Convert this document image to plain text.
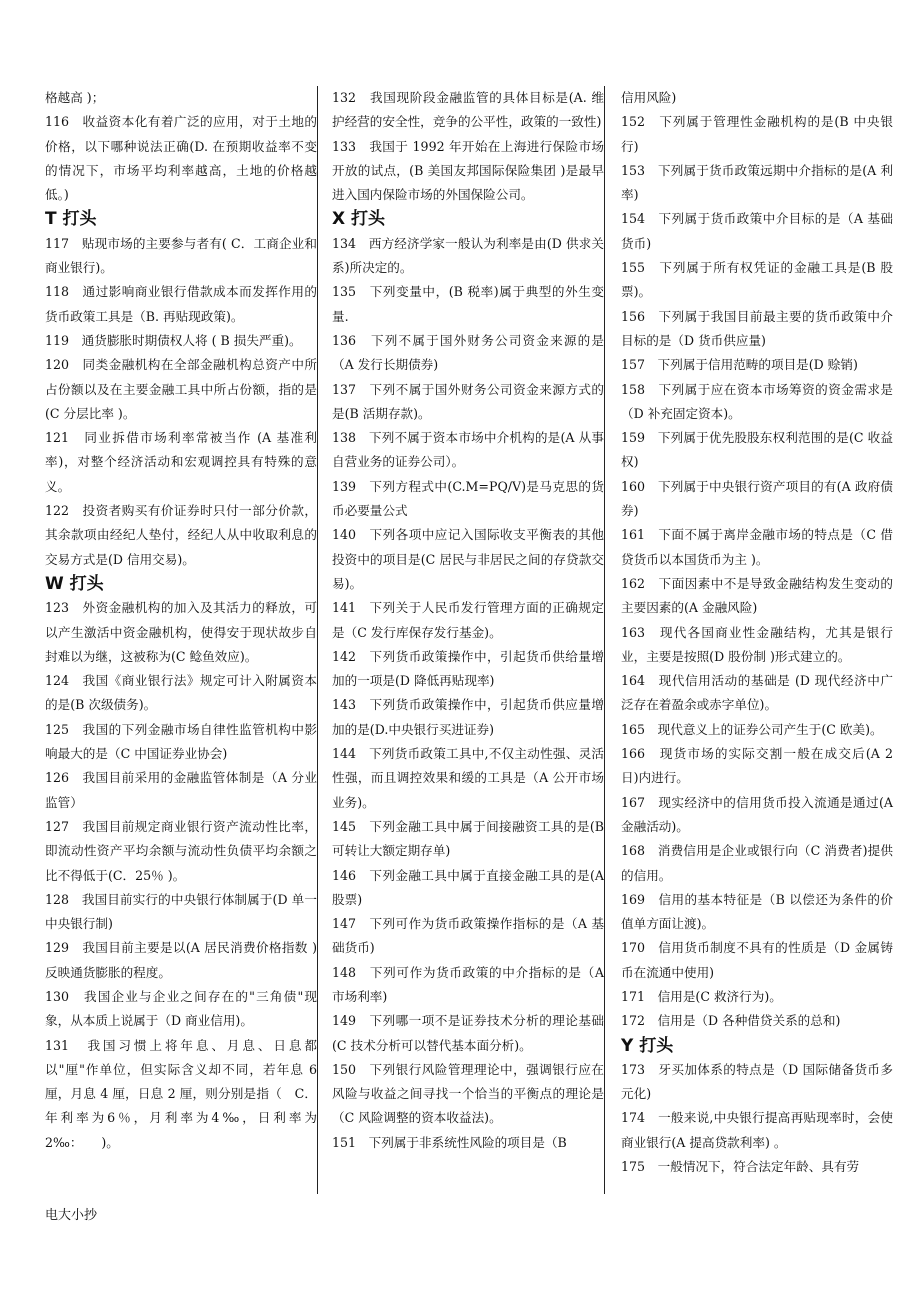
格越高 )；

116　收益资本化有着广泛的应用，对于土地的价格，以下哪种说法正确(D. 在预期收益率不变的情况下，市场平均利率越高，土地的价格越低。)

T 打头

117　贴现市场的主要参与者有( C．工商企业和商业银行)。

118　通过影响商业银行借款成本而发挥作用的货币政策工具是（B. 再贴现政策)。

119　通货膨胀时期债权人将 ( B 损失严重)。

120　同类金融机构在全部金融机构总资产中所占份额以及在主要金融工具中所占份额，指的是(C 分层比率 )。

121　同业拆借市场利率常被当作 (A 基准利率)，对整个经济活动和宏观调控具有特殊的意义。

122　投资者购买有价证券时只付一部分价款，其余款项由经纪人垫付，经纪人从中收取利息的交易方式是(D 信用交易)。

W 打头

123　外资金融机构的加入及其活力的释放，可以产生激活中资金融机构，使得安于现状故步自封难以为继，这被称为(C 鲶鱼效应)。

124　我国《商业银行法》规定可计入附属资本的是(B 次级债务)。

125　我国的下列金融市场自律性监管机构中影响最大的是（C 中国证券业协会)

126　我国目前采用的金融监管体制是（A 分业监管）

127　我国目前规定商业银行资产流动性比率，即流动性资产平均余额与流动性负债平均余额之比不得低于(C．25％ )。

128　我国目前实行的中央银行体制属于(D 单一中央银行制)

129　我国目前主要是以(A 居民消费价格指数 )反映通货膨胀的程度。

130　我国企业与企业之间存在的"三角债"现象，从本质上说属于（D 商业信用)。

131　我国习惯上将年息、月息、日息都以"厘"作单位，但实际含义却不同，若年息 6 厘，月息 4 厘，日息 2 厘，则分别是指（　C．年利率为6％，月利率为4‰，日利率为2‰：　　)。

132　我国现阶段金融监管的具体目标是(A. 维护经营的安全性，竞争的公平性，政策的一致性)

133　我国于 1992 年开始在上海进行保险市场开放的试点，(B 美国友邦国际保险集团 )是最早进入国内保险市场的外国保险公司。

X 打头

134　西方经济学家一般认为利率是由(D 供求关系)所决定的。

135　下列变量中，(B 税率)属于典型的外生变量.

136　下列不属于国外财务公司资金来源的是（A 发行长期债券)

137　下列不属于国外财务公司资金来源方式的是(B 活期存款)。

138　下列不属于资本市场中介机构的是(A 从事自营业务的证券公司）。

139　下列方程式中(C.M=PQ/V)是马克思的货币必要量公式

140　下列各项中应记入国际收支平衡表的其他投资中的项目是(C 居民与非居民之间的存贷款交易)。

141　下列关于人民币发行管理方面的正确规定是（C 发行库保存发行基金)。

142　下列货币政策操作中，引起货币供给量增加的一项是(D 降低再贴现率)

143　下列货币政策操作中，引起货币供应量增加的是(D.中央银行买进证券)

144　下列货币政策工具中,不仅主动性强、灵活性强，而且调控效果和缓的工具是（A 公开市场业务)。

145　下列金融工具中属于间接融资工具的是(B 可转让大额定期存单)

146　下列金融工具中属于直接金融工具的是(A 股票)

147　下列可作为货币政策操作指标的是（A 基础货币)

148　下列可作为货币政策的中介指标的是（A 市场利率)

149　下列哪一项不是证券技术分析的理论基础(C 技术分析可以替代基本面分析)。

150　下列银行风险管理理论中，强调银行应在风险与收益之间寻找一个恰当的平衡点的理论是（C 风险调整的资本收益法)。

151　下列属于非系统性风险的项目是（B

信用风险)

152　下列属于管理性金融机构的是(B 中央银行)

153　下列属于货币政策远期中介指标的是(A 利率)

154　下列属于货币政策中介目标的是（A 基础货币)

155　下列属于所有权凭证的金融工具是(B 股票)。

156　下列属于我国目前最主要的货币政策中介目标的是（D 货币供应量)

157　下列属于信用范畴的项目是(D 赊销)

158　下列属于应在资本市场筹资的资金需求是（D 补充固定资本)。

159　下列属于优先股股东权利范围的是(C 收益权)

160　下列属于中央银行资产项目的有(A 政府债券)

161　下面不属于离岸金融市场的特点是（C 借贷货币以本国货币为主 )。

162　下面因素中不是导致金融结构发生变动的主要因素的(A 金融风险)

163　现代各国商业性金融结构，尤其是银行业，主要是按照(D 股份制 )形式建立的。

164　现代信用活动的基础是 (D 现代经济中广泛存在着盈余或赤字单位)。

165　现代意义上的证券公司产生于(C 欧美)。

166　现货市场的实际交割一般在成交后(A 2 日)内进行。

167　现实经济中的信用货币投入流通是通过(A 金融活动)。

168　消费信用是企业或银行向（C 消费者)提供的信用。

169　信用的基本特征是（B 以偿还为条件的价值单方面让渡)。

170　信用货币制度不具有的性质是（D 金属铸币在流通中使用)

171　信用是(C 救济行为)。

172　信用是（D 各种借贷关系的总和)

Y 打头

173　牙买加体系的特点是（D 国际储备货币多元化)

174　一般来说,中央银行提高再贴现率时，会使商业银行(A 提高贷款利率) 。

175　一般情况下，符合法定年龄、具有劳

电大小抄
